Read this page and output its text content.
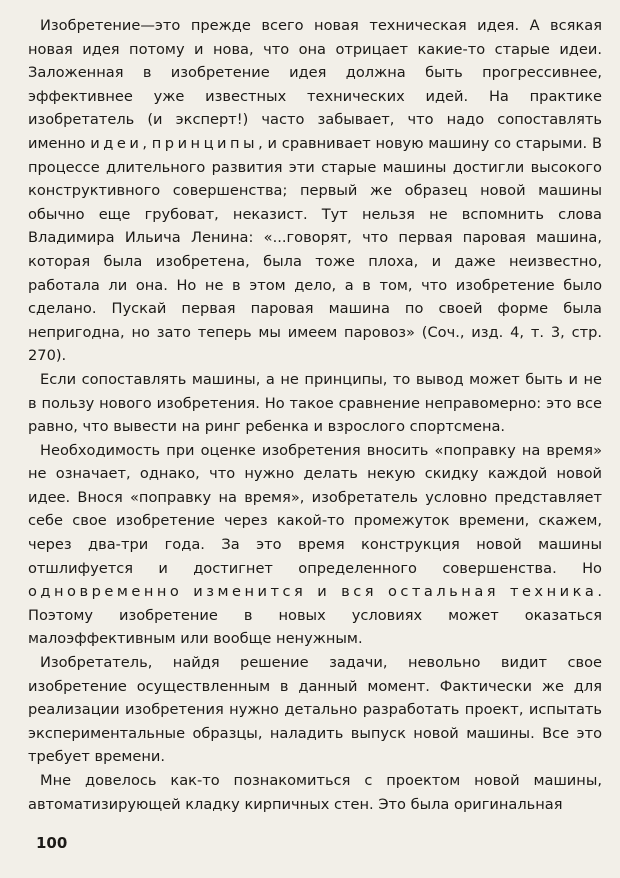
Изобретение—это прежде всего новая техническая идея. А всякая новая идея потому и нова, что она отрицает какие-то старые идеи. Заложенная в изобретение идея должна быть прогрессивнее, эффективнее уже известных технических идей. На практике изобретатель (и эксперт!) часто забывает, что надо сопоставлять именно идеи, принципы, и сравнивает новую машину со старыми. В процессе длительного развития эти старые машины достигли высокого конструктивного совершенства; первый же образец новой машины обычно еще грубоват, неказист. Тут нельзя не вспомнить слова Владимира Ильича Ленина: «...говорят, что первая паровая машина, которая была изобретена, была тоже плоха, и даже неизвестно, работала ли она. Но не в этом дело, а в том, что изобретение было сделано. Пускай первая паровая машина по своей форме была непригодна, но зато теперь мы имеем паровоз» (Соч., изд. 4, т. 3, стр. 270).

Если сопоставлять машины, а не принципы, то вывод может быть и не в пользу нового изобретения. Но такое сравнение неправомерно: это все равно, что вывести на ринг ребенка и взрослого спортсмена.

Необходимость при оценке изобретения вносить «поправку на время» не означает, однако, что нужно делать некую скидку каждой новой идее. Внося «поправку на время», изобретатель условно представляет себе свое изобретение через какой-то промежуток времени, скажем, через два-три года. За это время конструкция новой машины отшлифуется и достигнет определенного совершенства. Но одновременно изменится и вся остальная техника. Поэтому изобретение в новых условиях может оказаться малоэффективным или вообще ненужным.

Изобретатель, найдя решение задачи, невольно видит свое изобретение осуществленным в данный момент. Фактически же для реализации изобретения нужно детально разработать проект, испытать экспериментальные образцы, наладить выпуск новой машины. Все это требует времени.

Мне довелось как-то познакомиться с проектом новой машины, автоматизирующей кладку кирпичных стен. Это была оригинальная

100
